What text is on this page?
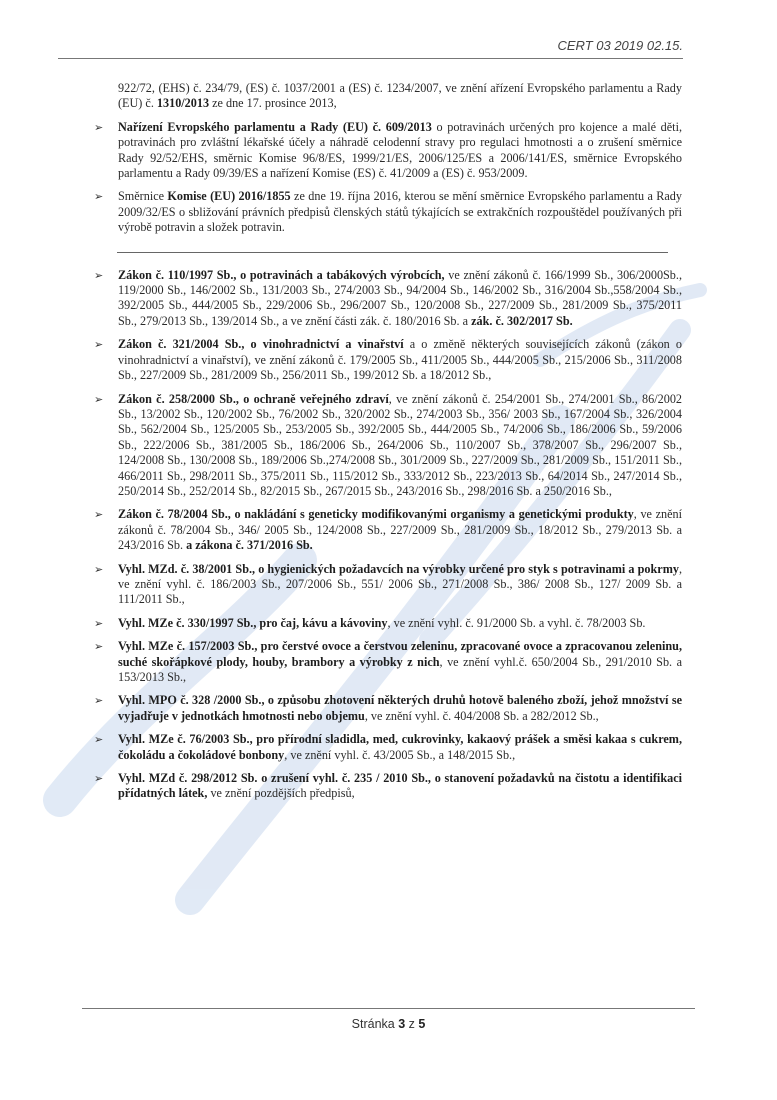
CERT 03 2019 02.15.
922/72, (EHS) č. 234/79, (ES) č. 1037/2001 a (ES) č. 1234/2007, ve znění ařízení Evropského parlamentu a Rady (EU) č. 1310/2013 ze dne 17. prosince 2013,
➢ Nařízení Evropského parlamentu a Rady (EU) č. 609/2013 o potravinách určených pro kojence a malé děti, potravinách pro zvláštní lékařské účely a náhradě celodenní stravy pro regulaci hmotnosti a o zrušení směrnice Rady 92/52/EHS, směrnic Komise 96/8/ES, 1999/21/ES, 2006/125/ES a 2006/141/ES, směrnice Evropského parlamentu a Rady 09/39/ES a nařízení Komise (ES) č. 41/2009 a (ES) č. 953/2009.
➢ Směrnice Komise (EU) 2016/1855 ze dne 19. října 2016, kterou se mění směrnice Evropského parlamentu a Rady 2009/32/ES o sbližování právních předpisů členských států týkajících se extrakčních rozpouštědel používaných při výrobě potravin a složek potravin.
➢ Zákon č. 110/1997 Sb., o potravinách a tabákových výrobcích, ve znění zákonů č. 166/1999 Sb., 306/2000Sb., 119/2000 Sb., 146/2002 Sb., 131/2003 Sb., 274/2003 Sb., 94/2004 Sb., 146/2002 Sb., 316/2004 Sb.,558/2004 Sb., 392/2005 Sb., 444/2005 Sb., 229/2006 Sb., 296/2007 Sb., 120/2008 Sb., 227/2009 Sb., 281/2009 Sb., 375/2011 Sb., 279/2013 Sb., 139/2014 Sb., a ve znění části zák. č. 180/2016 Sb. a zák. č. 302/2017 Sb.
➢ Zákon č. 321/2004 Sb., o vinohradnictví a vinařství a o změně některých souvisejících zákonů (zákon o vinohradnictví a vinařství), ve znění zákonů č. 179/2005 Sb., 411/2005 Sb., 444/2005 Sb., 215/2006 Sb., 311/2008 Sb., 227/2009 Sb., 281/2009 Sb., 256/2011 Sb., 199/2012 Sb. a 18/2012 Sb.,
➢ Zákon č. 258/2000 Sb., o ochraně veřejného zdraví, ve znění zákonů č. 254/2001 Sb., 274/2001 Sb., 86/2002 Sb., 13/2002 Sb., 120/2002 Sb., 76/2002 Sb., 320/2002 Sb., 274/2003 Sb., 356/ 2003 Sb., 167/2004 Sb., 326/2004 Sb., 562/2004 Sb., 125/2005 Sb., 253/2005 Sb., 392/2005 Sb., 444/2005 Sb., 74/2006 Sb., 186/2006 Sb., 59/2006 Sb., 222/2006 Sb., 381/2005 Sb., 186/2006 Sb., 264/2006 Sb., 110/2007 Sb., 378/2007 Sb., 296/2007 Sb., 124/2008 Sb., 130/2008 Sb., 189/2006 Sb.,274/2008 Sb., 301/2009 Sb., 227/2009 Sb., 281/2009 Sb., 151/2011 Sb., 466/2011 Sb., 298/2011 Sb., 375/2011 Sb., 115/2012 Sb., 333/2012 Sb., 223/2013 Sb., 64/2014 Sb., 247/2014 Sb., 250/2014 Sb., 252/2014 Sb., 82/2015 Sb., 267/2015 Sb., 243/2016 Sb., 298/2016 Sb. a 250/2016 Sb.,
➢ Zákon č. 78/2004 Sb., o nakládání s geneticky modifikovanými organismy a genetickými produkty, ve znění zákonů č. 78/2004 Sb., 346/ 2005 Sb., 124/2008 Sb., 227/2009 Sb., 281/2009 Sb., 18/2012 Sb., 279/2013 Sb. a 243/2016 Sb. a zákona č. 371/2016 Sb.
➢ Vyhl. MZd. č. 38/2001 Sb., o hygienických požadavcích na výrobky určené pro styk s potravinami a pokrmy, ve znění vyhl. č. 186/2003 Sb., 207/2006 Sb., 551/ 2006 Sb., 271/2008 Sb., 386/ 2008 Sb., 127/ 2009 Sb. a 111/2011 Sb.,
➢ Vyhl. MZe č. 330/1997 Sb., pro čaj, kávu a kávoviny, ve znění vyhl. č. 91/2000 Sb. a vyhl. č. 78/2003 Sb.
➢ Vyhl. MZe č. 157/2003 Sb., pro čerstvé ovoce a čerstvou zeleninu, zpracované ovoce a zpracovanou zeleninu, suché skořápkové plody, houby, brambory a výrobky z nich, ve znění vyhl.č. 650/2004 Sb., 291/2010 Sb. a 153/2013 Sb.,
➢ Vyhl. MPO č. 328 /2000 Sb., o způsobu zhotovení některých druhů hotově baleného zboží, jehož množství se vyjadřuje v jednotkách hmotnosti nebo objemu, ve znění vyhl. č. 404/2008 Sb. a 282/2012 Sb.,
➢ Vyhl. MZe č. 76/2003 Sb., pro přírodní sladidla, med, cukrovinky, kakaový prášek a směsi kakaa s cukrem, čokoládu a čokoládové bonbony, ve znění vyhl. č. 43/2005 Sb., a 148/2015 Sb.,
➢ Vyhl. MZd č. 298/2012 Sb. o zrušení vyhl. č. 235 / 2010 Sb., o stanovení požadavků na čistotu a identifikaci přídatných látek, ve znění pozdějších předpisů,
Stránka 3 z 5
